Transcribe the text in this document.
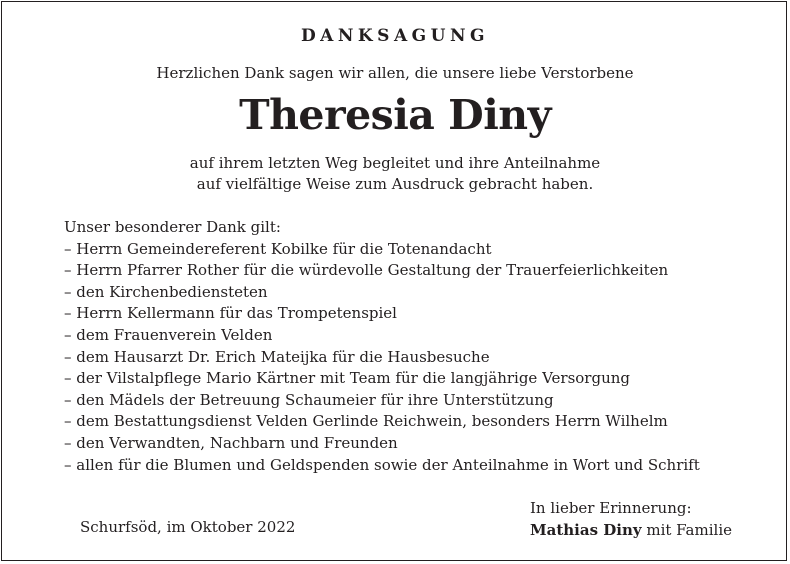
DANKSAGUNG
Herzlichen Dank sagen wir allen, die unsere liebe Verstorbene
Theresia Diny
auf ihrem letzten Weg begleitet und ihre Anteilnahme
auf vielfältige Weise zum Ausdruck gebracht haben.
Unser besonderer Dank gilt:
– Herrn Gemeindereferent Kobilke für die Totenandacht
– Herrn Pfarrer Rother für die würdevolle Gestaltung der Trauerfeierlichkeiten
– den Kirchenbediensteten
– Herrn Kellermann für das Trompetenspiel
– dem Frauenverein Velden
– dem Hausarzt Dr. Erich Mateijka für die Hausbesuche
– der Vilstalpflege Mario Kärtner mit Team für die langjährige Versorgung
– den Mädels der Betreuung Schaumeier für ihre Unterstützung
– dem Bestattungsdienst Velden Gerlinde Reichwein, besonders Herrn Wilhelm
– den Verwandten, Nachbarn und Freunden
– allen für die Blumen und Geldspenden sowie der Anteilnahme in Wort und Schrift
Schurfsöd, im Oktober 2022
In lieber Erinnerung:
Mathias Diny mit Familie
